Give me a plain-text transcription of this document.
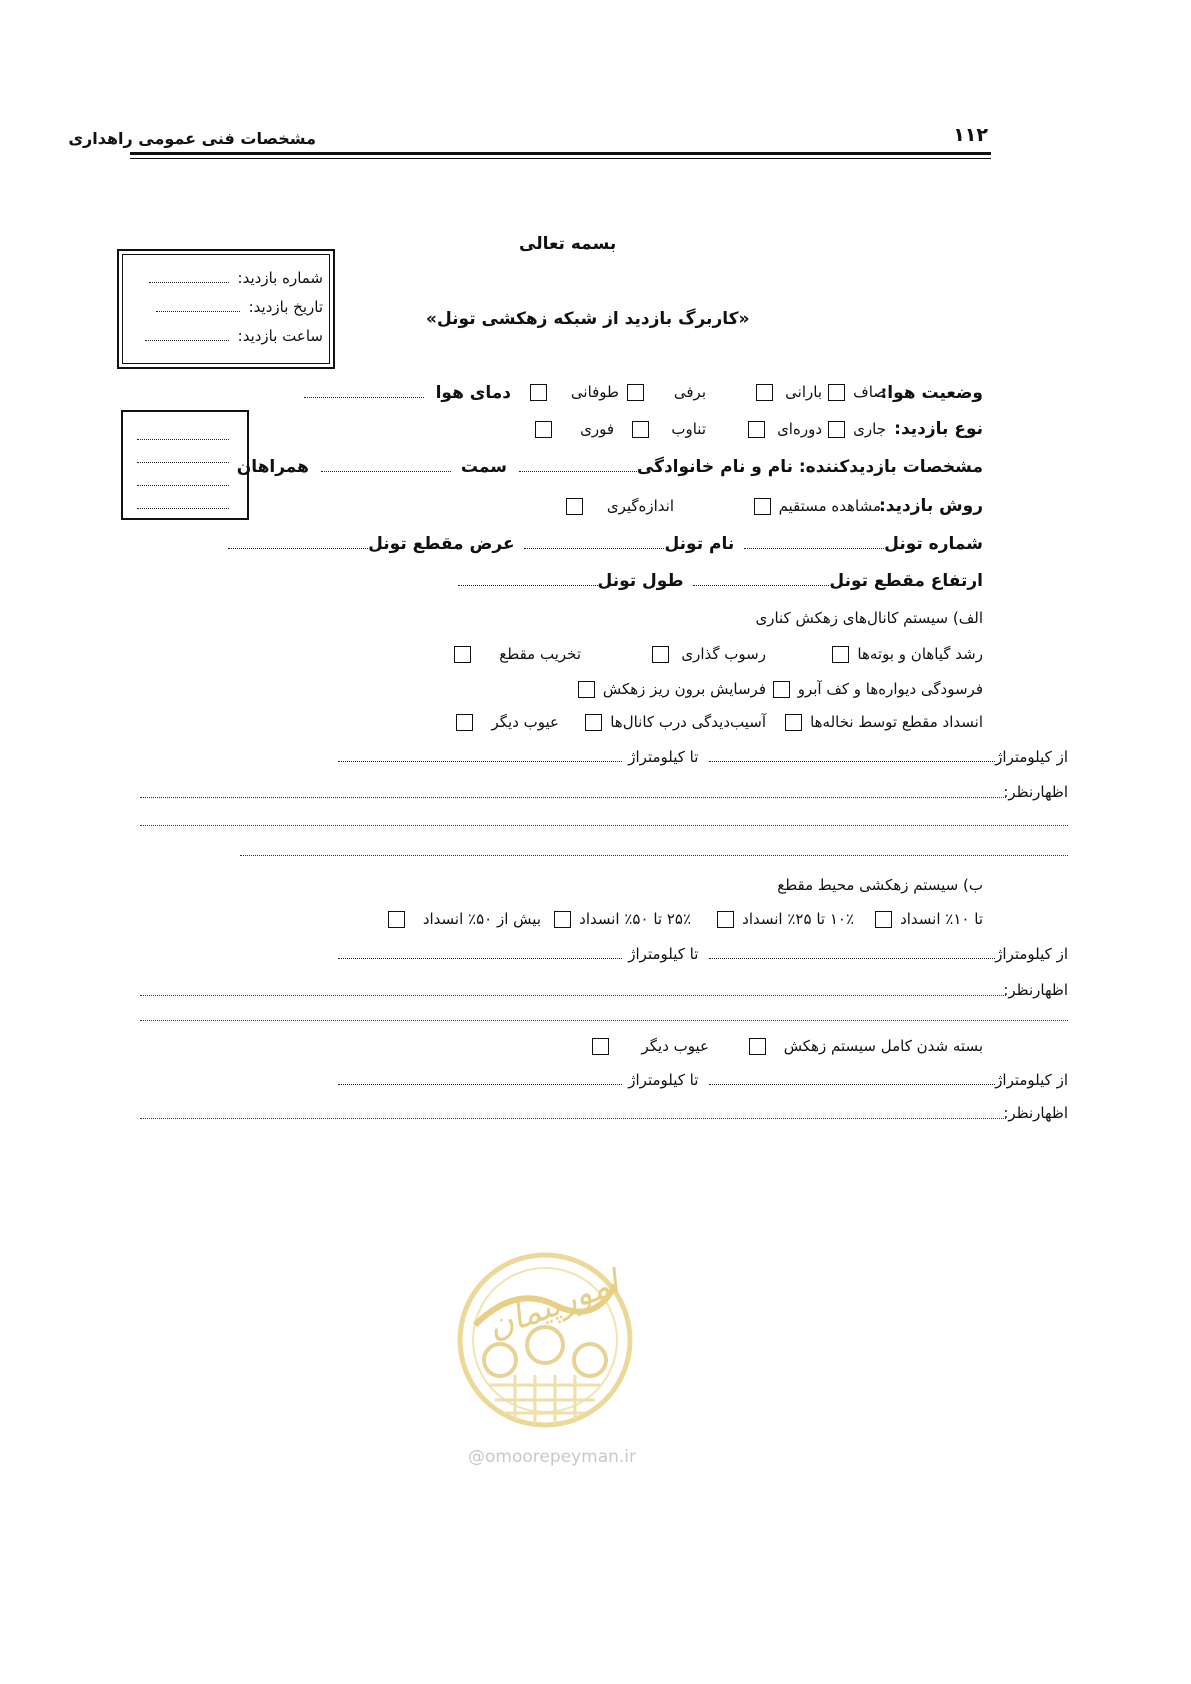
مشخصات فنی عمومی راهداری	۱۱۲
بسمه تعالی
«کاربرگ بازدید از شبکه زهکشی تونل»
شماره بازدید:
تاریخ بازدید:
ساعت بازدید:
وضعیت هوا:
صاف
بارانی
برفی
طوفانی
دمای هوا
نوع بازدید:
جاری
دوره‌ای
تناوب
فوری
مشخصات بازدیدکننده: نام و نام خانوادگی سمت  همراهان
روش بازدید:
مشاهده مستقیم
اندازه‌گیری
شماره تونل نام تونل عرض مقطع تونل
ارتفاع مقطع تونل طول تونل
الف) سیستم کانال‌های زهکش کناری
رشد گیاهان و بوته‌ها
رسوب گذاری
تخریب مقطع
فرسودگی دیواره‌ها و کف آبرو
فرسایش برون ریز زهکش
انسداد مقطع توسط نخاله‌ها
آسیب‌دیدگی درب کانال‌ها
عیوب دیگر
از کیلومتراژ تا کیلومتراژ
اظهارنظر:
ب) سیستم زهکشی محیط مقطع
تا ۱۰٪ انسداد
۱۰٪ تا ۲۵٪ انسداد
۲۵٪ تا ۵۰٪ انسداد
بیش از ۵۰٪ انسداد
از کیلومتراژ تا کیلومتراژ
اظهارنظر:
بسته شدن کامل سیستم زهکش
عیوب دیگر
از کیلومتراژ تا کیلومتراژ
اظهارنظر:
امورپیمان
@omoorepeyman.ir
